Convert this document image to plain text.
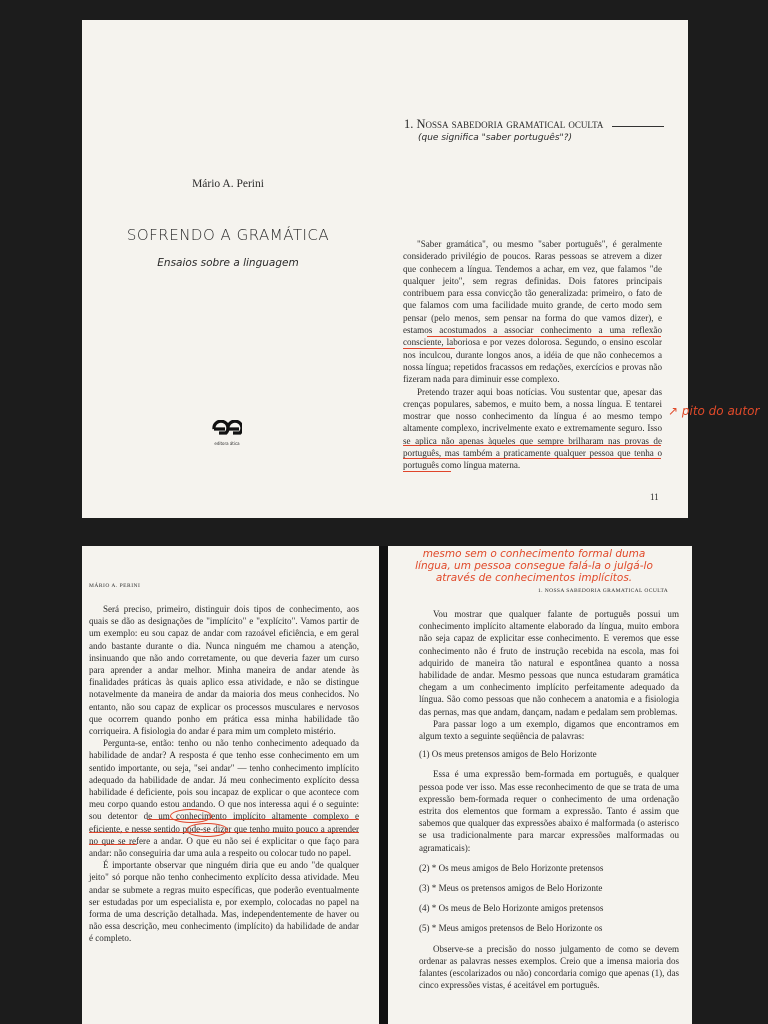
Mário A. Perini
SOFRENDO A GRAMÁTICA
Ensaios sobre a linguagem
editora ática
1. Nossa sabedoria gramatical oculta
(que significa "saber português"?)

"Saber gramática", ou mesmo "saber português", é geralmente considerado privilégio de poucos. Raras pessoas se atrevem a dizer que conhecem a língua. Tendemos a achar, em vez, que falamos "de qualquer jeito", sem regras definidas. Dois fatores principais contribuem para essa convicção tão generalizada: primeiro, o fato de que falamos com uma facilidade muito grande, de certo modo sem pensar (pelo menos, sem pensar na forma do que vamos dizer), e estamos acostumados a associar conhecimento a uma reflexão consciente, laboriosa e por vezes dolorosa. Segundo, o ensino escolar nos inculcou, durante longos anos, a idéia de que não conhecemos a nossa língua; repetidos fracassos em redações, exercícios e provas não fizeram nada para diminuir esse complexo.

Pretendo trazer aqui boas notícias. Vou sustentar que, apesar das crenças populares, sabemos, e muito bem, a nossa língua. E tentarei mostrar que nosso conhecimento da língua é ao mesmo tempo altamente complexo, incrivelmente exato e extremamente seguro. Isso se aplica não apenas àqueles que sempre brilharam nas provas de português, mas também a praticamente qualquer pessoa que tenha o português como língua materna.

11
↗ pito do autor
MÁRIO A. PERINI

Será preciso, primeiro, distinguir dois tipos de conhecimento, aos quais se dão as designações de "implícito" e "explícito". Vamos partir de um exemplo: eu sou capaz de andar com razoável eficiência, e em geral ando bastante durante o dia. Nunca ninguém me chamou a atenção, insinuando que não ando corretamente, ou que deveria fazer um curso para aprender a andar melhor. Minha maneira de andar atende às finalidades práticas às quais aplico essa atividade, e não se distingue notavelmente da maneira de andar da maioria dos meus conhecidos. No entanto, não sou capaz de explicar os processos musculares e nervosos que ocorrem quando ponho em prática essa minha habilidade tão corriqueira. A fisiologia do andar é para mim um completo mistério.

Pergunta-se, então: tenho ou não tenho conhecimento adequado da habilidade de andar? A resposta é que tenho esse conhecimento em um sentido importante, ou seja, "sei andar" — tenho conhecimento implícito adequado da habilidade de andar. Já meu conhecimento explícito dessa habilidade é deficiente, pois sou incapaz de explicar o que acontece com meu corpo quando estou andando. O que nos interessa aqui é o seguinte: sou detentor de um conhecimento implícito altamente complexo e eficiente, e nesse sentido pode-se dizer que tenho muito pouco a aprender no que se refere a andar. O que eu não sei é explicitar o que faço para andar: não conseguiria dar uma aula a respeito ou colocar tudo no papel.

É importante observar que ninguém diria que eu ando "de qualquer jeito" só porque não tenho conhecimento explícito dessa atividade. Meu andar se submete a regras muito específicas, que poderão eventualmente ser estudadas por um especialista e, por exemplo, colocadas no papel na forma de uma descrição detalhada. Mas, independentemente de haver ou não essa descrição, meu conhecimento (implícito) da habilidade de andar é completo.

1. NOSSA SABEDORIA GRAMATICAL OCULTA

Vou mostrar que qualquer falante de português possui um conhecimento implícito altamente elaborado da língua, muito embora não seja capaz de explicitar esse conhecimento. E veremos que esse conhecimento não é fruto de instrução recebida na escola, mas foi adquirido de maneira tão natural e espontânea quanto a nossa habilidade de andar. Mesmo pessoas que nunca estudaram gramática chegam a um conhecimento implícito perfeitamente adequado da língua. São como pessoas que não conhecem a anatomia e a fisiologia das pernas, mas que andam, dançam, nadam e pedalam sem problemas.

Para passar logo a um exemplo, digamos que encontramos em algum texto a seguinte seqüência de palavras:

(1) Os meus pretensos amigos de Belo Horizonte

Essa é uma expressão bem-formada em português, e qualquer pessoa pode ver isso. Mas esse reconhecimento de que se trata de uma expressão bem-formada requer o conhecimento de uma ordenação estrita dos elementos que formam a expressão. Tanto é assim que sabemos que qualquer das expressões abaixo é malformada (o asterisco se usa tradicionalmente para marcar expressões malformadas ou agramaticais):

(2) * Os meus amigos de Belo Horizonte pretensos

(3) * Meus os pretensos amigos de Belo Horizonte

(4) * Os meus de Belo Horizonte amigos pretensos

(5) * Meus amigos pretensos de Belo Horizonte os

Observe-se a precisão do nosso julgamento de como se devem ordenar as palavras nesses exemplos. Creio que a imensa maioria dos falantes (escolarizados ou não) concordaria comigo que apenas (1), das cinco expressões vistas, é aceitável em português.

mesmo sem o conhecimento formal duma língua, um pessoa consegue falá-la o julgá-lo através de conhecimentos implícitos.
